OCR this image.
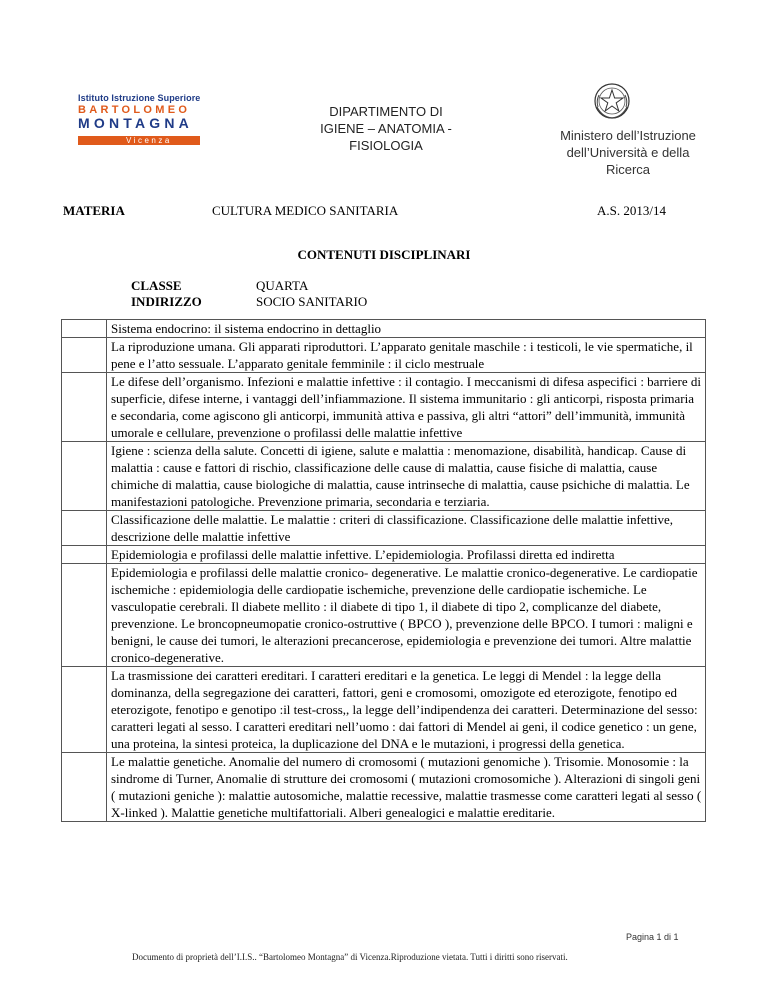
Istituto Istruzione Superiore
BARTOLOMEO
MONTAGNA
Vicenza
DIPARTIMENTO DI
IGIENE – ANATOMIA -
FISIOLOGIA
Ministero dell’Istruzione
dell’Università e della
Ricerca
MATERIA	CULTURA MEDICO SANITARIA	A.S. 2013/14
CONTENUTI DISCIPLINARI
CLASSE	QUARTA
INDIRIZZO	SOCIO SANITARIO
	Sistema endocrino: il sistema endocrino in dettaglio
	La riproduzione umana. Gli apparati riproduttori. L’apparato genitale maschile : i testicoli, le vie spermatiche, il pene e l’atto sessuale. L’apparato genitale femminile : il ciclo mestruale
	Le difese dell’organismo. Infezioni e malattie infettive : il contagio. I meccanismi di difesa aspecifici : barriere di superficie, difese interne, i vantaggi dell’infiammazione. Il sistema immunitario : gli anticorpi, risposta primaria e secondaria, come agiscono gli anticorpi, immunità attiva e passiva, gli altri “attori” dell’immunità, immunità umorale e cellulare, prevenzione o profilassi delle malattie infettive
	Igiene : scienza della salute. Concetti di igiene, salute e malattia : menomazione, disabilità, handicap. Cause di malattia : cause e fattori di rischio, classificazione delle cause di malattia, cause fisiche di malattia, cause chimiche di malattia, cause biologiche di malattia, cause intrinseche di malattia, cause psichiche di malattia. Le manifestazioni patologiche. Prevenzione primaria, secondaria e terziaria.
	Classificazione delle malattie. Le malattie : criteri di classificazione. Classificazione delle malattie infettive, descrizione delle malattie infettive
	Epidemiologia e profilassi delle malattie infettive. L’epidemiologia. Profilassi diretta ed indiretta
	Epidemiologia e profilassi delle malattie cronico- degenerative. Le malattie cronico-degenerative. Le cardiopatie ischemiche : epidemiologia delle cardiopatie ischemiche, prevenzione delle cardiopatie ischemiche. Le vasculopatie cerebrali. Il diabete mellito : il diabete di tipo 1, il diabete di tipo 2, complicanze del diabete, prevenzione. Le broncopneumopatie cronico-ostruttive ( BPCO ), prevenzione delle BPCO. I tumori : maligni e benigni, le cause dei tumori, le alterazioni precancerose, epidemiologia e prevenzione dei tumori. Altre malattie cronico-degenerative.
	La trasmissione dei caratteri ereditari. I caratteri ereditari e la genetica. Le leggi di Mendel : la legge della dominanza, della segregazione dei caratteri, fattori, geni e cromosomi, omozigote ed eterozigote, fenotipo ed eterozigote, fenotipo e genotipo :il test-cross,, la legge dell’indipendenza dei caratteri. Determinazione del sesso: caratteri legati al sesso. I caratteri ereditari nell’uomo : dai fattori di Mendel ai geni, il codice genetico : un gene, una proteina, la sintesi proteica, la duplicazione del DNA e le mutazioni, i progressi della genetica.
	Le malattie genetiche. Anomalie del numero di cromosomi ( mutazioni genomiche ). Trisomie. Monosomie : la sindrome di Turner, Anomalie di strutture dei cromosomi ( mutazioni cromosomiche ). Alterazioni di singoli geni ( mutazioni geniche ): malattie autosomiche, malattie recessive, malattie trasmesse come caratteri legati al sesso ( X-linked ). Malattie genetiche multifattoriali. Alberi genealogici e malattie ereditarie.
Pagina 1 di 1
Documento di proprietà dell’I.I.S.. “Bartolomeo Montagna” di Vicenza.Riproduzione vietata. Tutti i diritti sono riservati.
